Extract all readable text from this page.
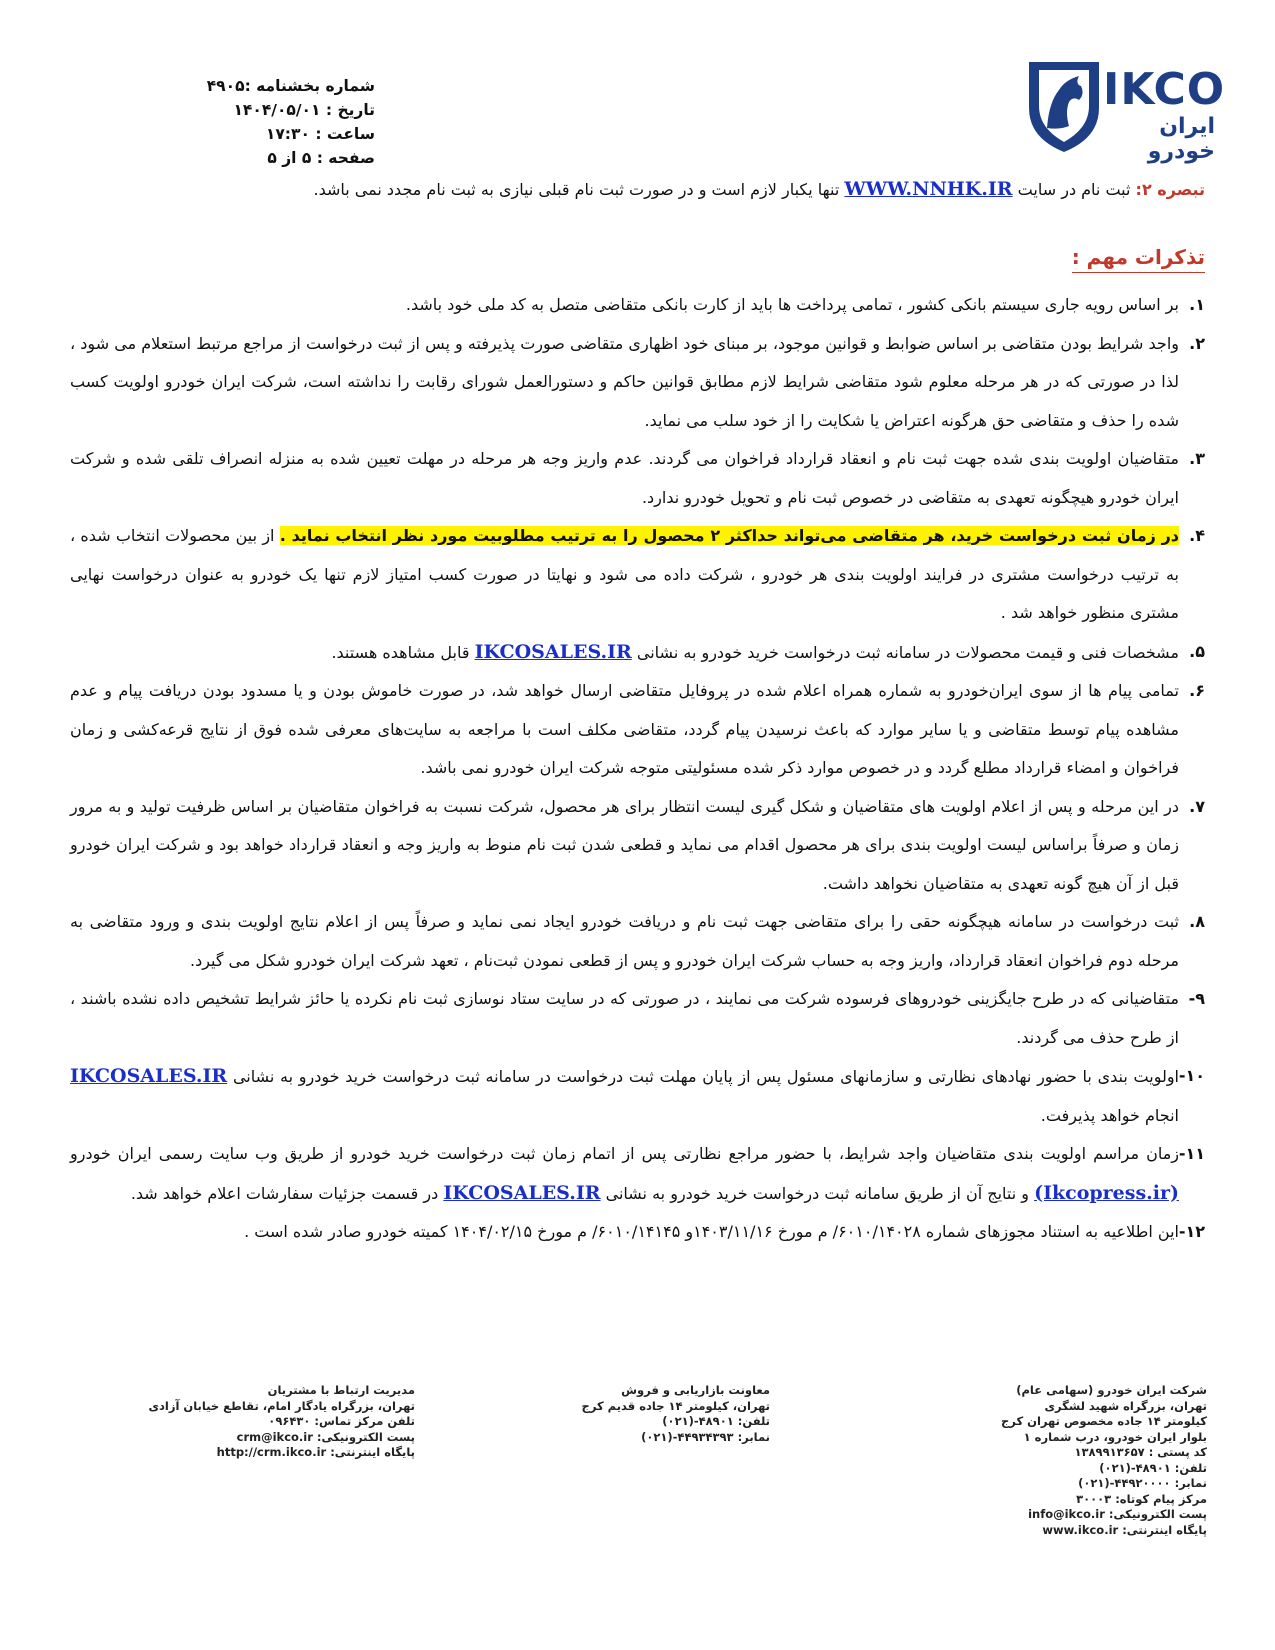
IKCO
ایران خودرو
شماره بخشنامه :۴۹۰۵
تاریخ : ۱۴۰۴/۰۵/۰۱
ساعت : ۱۷:۳۰
صفحه : ۵ از ۵
تبصره ۲: ثبت نام در سایت WWW.NNHK.IR تنها یکبار لازم است و در صورت ثبت نام قبلی نیازی به ثبت نام مجدد نمی باشد.
تذکرات مهم :
۱.
بر اساس رویه جاری سیستم بانکی کشور ، تمامی پرداخت ها باید از کارت بانکی متقاضی متصل به کد ملی خود باشد.
۲.
واجد شرایط بودن متقاضی بر اساس ضوابط و قوانین موجود، بر مبنای خود اظهاری متقاضی صورت پذیرفته و پس از ثبت درخواست از مراجع مرتبط استعلام می شود ، لذا در صورتی که در هر مرحله معلوم شود متقاضی شرایط لازم مطابق قوانین حاکم و دستورالعمل شورای رقابت را نداشته است، شرکت ایران خودرو اولویت کسب شده را حذف و متقاضی حق هرگونه اعتراض یا شکایت را از خود سلب می نماید.
۳.
متقاضیان اولویت بندی شده جهت ثبت نام و انعقاد قرارداد فراخوان می گردند. عدم واریز وجه هر مرحله در مهلت تعیین شده به منزله انصراف تلقی شده و شرکت ایران خودرو هیچگونه تعهدی به متقاضی در خصوص ثبت نام و تحویل خودرو ندارد.
۴.
در زمان ثبت درخواست خرید، هر متقاضی می‌تواند حداکثر ۲ محصول را به ترتیب مطلوبیت مورد نظر انتخاب نماید . از بین محصولات انتخاب شده ، به ترتیب درخواست مشتری در فرایند اولویت بندی هر خودرو ، شرکت داده می شود و نهایتا در صورت کسب امتیاز لازم تنها یک خودرو به عنوان درخواست نهایی مشتری منظور خواهد شد .
۵.
مشخصات فنی و قیمت محصولات در سامانه ثبت درخواست خرید خودرو به نشانی IKCOSALES.IR قابل مشاهده هستند.
۶.
تمامی پیام ها از سوی ایران‌خودرو به شماره همراه اعلام شده در پروفایل متقاضی ارسال خواهد شد، در صورت خاموش بودن و یا مسدود بودن دریافت پیام و عدم مشاهده پیام توسط متقاضی و یا سایر موارد که باعث نرسیدن پیام گردد، متقاضی مکلف است با مراجعه به سایت‌های معرفی شده فوق از نتایج قرعه‌کشی و زمان فراخوان و امضاء قرارداد مطلع گردد و در خصوص موارد ذکر شده مسئولیتی متوجه شرکت ایران خودرو نمی باشد.
۷.
در این مرحله و پس از اعلام اولویت های متقاضیان و شکل گیری لیست انتظار برای هر محصول، شرکت نسبت به فراخوان متقاضیان بر اساس ظرفیت تولید و به مرور زمان و صرفاً براساس لیست اولویت بندی برای هر محصول اقدام می نماید و قطعی شدن ثبت نام منوط به واریز وجه و انعقاد قرارداد خواهد بود و شرکت ایران خودرو قبل از آن هیچ گونه تعهدی به متقاضیان نخواهد داشت.
۸.
ثبت درخواست در سامانه هیچگونه حقی را برای متقاضی جهت ثبت نام و دریافت خودرو ایجاد نمی نماید و صرفاً پس از اعلام نتایج اولویت بندی و ورود متقاضی به مرحله دوم فراخوان انعقاد قرارداد، واریز وجه به حساب شرکت ایران خودرو و پس از قطعی نمودن ثبت‌نام ، تعهد شرکت ایران خودرو شکل می گیرد.
۹-
متقاضیانی که در طرح جایگزینی خودروهای فرسوده شرکت می نمایند ، در صورتی که در سایت ستاد نوسازی ثبت نام نکرده یا حائز شرایط تشخیص داده نشده باشند ، از طرح حذف می گردند.
۱۰-
اولویت بندی با حضور نهادهای نظارتی و سازمانهای مسئول پس از پایان مهلت ثبت درخواست در سامانه ثبت درخواست خرید خودرو به نشانی IKCOSALES.IR انجام خواهد پذیرفت.
۱۱-
زمان مراسم اولویت بندی متقاضیان واجد شرایط، با حضور مراجع نظارتی پس از اتمام زمان ثبت درخواست خرید خودرو از طریق وب سایت رسمی ایران خودرو (Ikcopress.ir) و نتایج آن از طریق سامانه ثبت درخواست خرید خودرو به نشانی IKCOSALES.IR در قسمت جزئیات سفارشات اعلام خواهد شد.
۱۲-
این اطلاعیه به استناد مجوزهای شماره ۶۰۱۰/۱۴۰۲۸/ م مورخ ۱۴۰۳/۱۱/۱۶و ۶۰۱۰/۱۴۱۴۵/ م مورخ ۱۴۰۴/۰۲/۱۵ کمیته خودرو صادر شده است .
شرکت ایران خودرو (سهامی عام)
تهران، بزرگراه شهید لشگری
کیلومتر ۱۴ جاده مخصوص تهران کرج
بلوار ایران خودرو، درب شماره ۱
کد پستی : ۱۳۸۹۹۱۳۶۵۷
تلفن: ۴۸۹۰۱-(۰۲۱)
نمابر: ۴۴۹۲۰۰۰۰-(۰۲۱)
مرکز پیام کوتاه: ۳۰۰۰۳
پست الکترونیکی: info@ikco.ir
پایگاه اینترنتی: www.ikco.ir
معاونت بازاریابی و فروش
تهران، کیلومتر ۱۴ جاده قدیم کرج
تلفن: ۴۸۹۰۱-(۰۲۱)
نمابر: ۴۴۹۳۴۳۹۳-(۰۲۱)
مدیریت ارتباط با مشتریان
تهران، بزرگراه یادگار امام، تقاطع خیابان آزادی
تلفن مرکز تماس: ۰۹۶۴۳۰
پست الکترونیکی: crm@ikco.ir
پایگاه اینترنتی: http://crm.ikco.ir
